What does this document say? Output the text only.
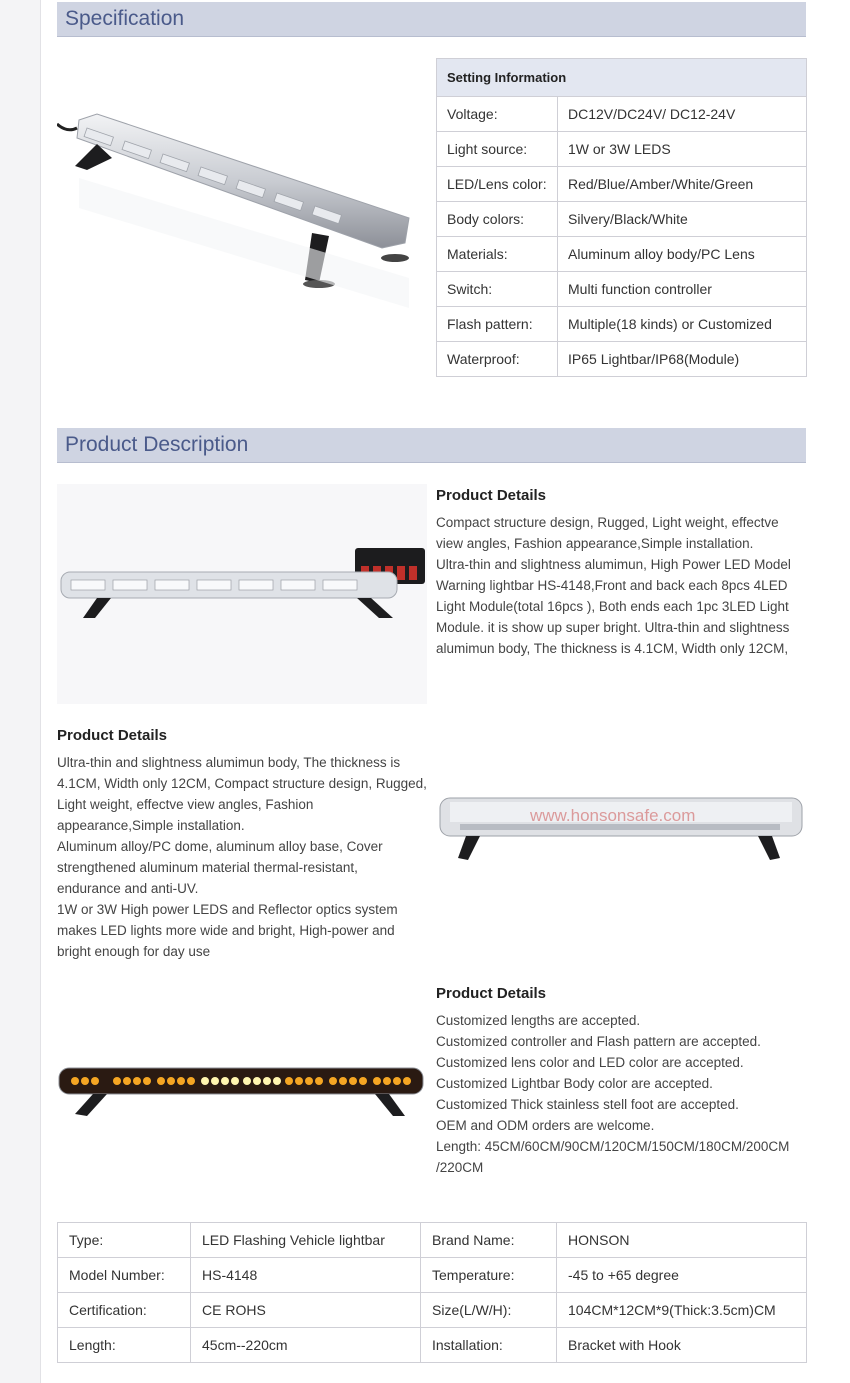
Specification
Setting Information	
Voltage:	DC12V/DC24V/ DC12-24V
Light source:	1W or 3W LEDS
LED/Lens color:	Red/Blue/Amber/White/Green
Body colors:	Silvery/Black/White
Materials:	Aluminum alloy body/PC Lens
Switch:	Multi function controller
Flash pattern:	Multiple(18 kinds) or Customized
Waterproof:	IP65 Lightbar/IP68(Module)
Product Description
Product Details

Compact structure design, Rugged, Light weight, effectve

view angles, Fashion appearance,Simple installation.

Ultra-thin and slightness alumimun, High Power LED Model

Warning lightbar HS-4148,Front and back each 8pcs 4LED

Light Module(total 16pcs ), Both ends each 1pc 3LED Light

Module. it is show up super bright. Ultra-thin and slightness

alumimun body, The thickness is 4.1CM, Width only 12CM,

Product Details

Ultra-thin and slightness alumimun body, The thickness is

4.1CM, Width only 12CM, Compact structure design, Rugged,

Light weight, effectve view angles, Fashion

appearance,Simple installation.

Aluminum alloy/PC dome, aluminum alloy base, Cover

strengthened aluminum material thermal-resistant,

endurance and anti-UV.

1W or 3W High power LEDS and Reflector optics system

makes LED lights more wide and bright, High-power and

bright enough for day use

www.honsonsafe.com
Product Details

Customized lengths are accepted.

Customized controller and Flash pattern are accepted.

Customized lens color and LED color are accepted.

Customized Lightbar Body color are accepted.

Customized Thick stainless stell foot are accepted.

OEM and ODM orders are welcome.

Length: 45CM/60CM/90CM/120CM/150CM/180CM/200CM

/220CM

Type:	LED Flashing Vehicle lightbar	Brand Name:	HONSON
Model Number:	HS-4148	Temperature:	-45 to +65 degree
Certification:	CE ROHS	Size(L/W/H):	104CM*12CM*9(Thick:3.5cm)CM
Length:	45cm--220cm	Installation:	Bracket with Hook
